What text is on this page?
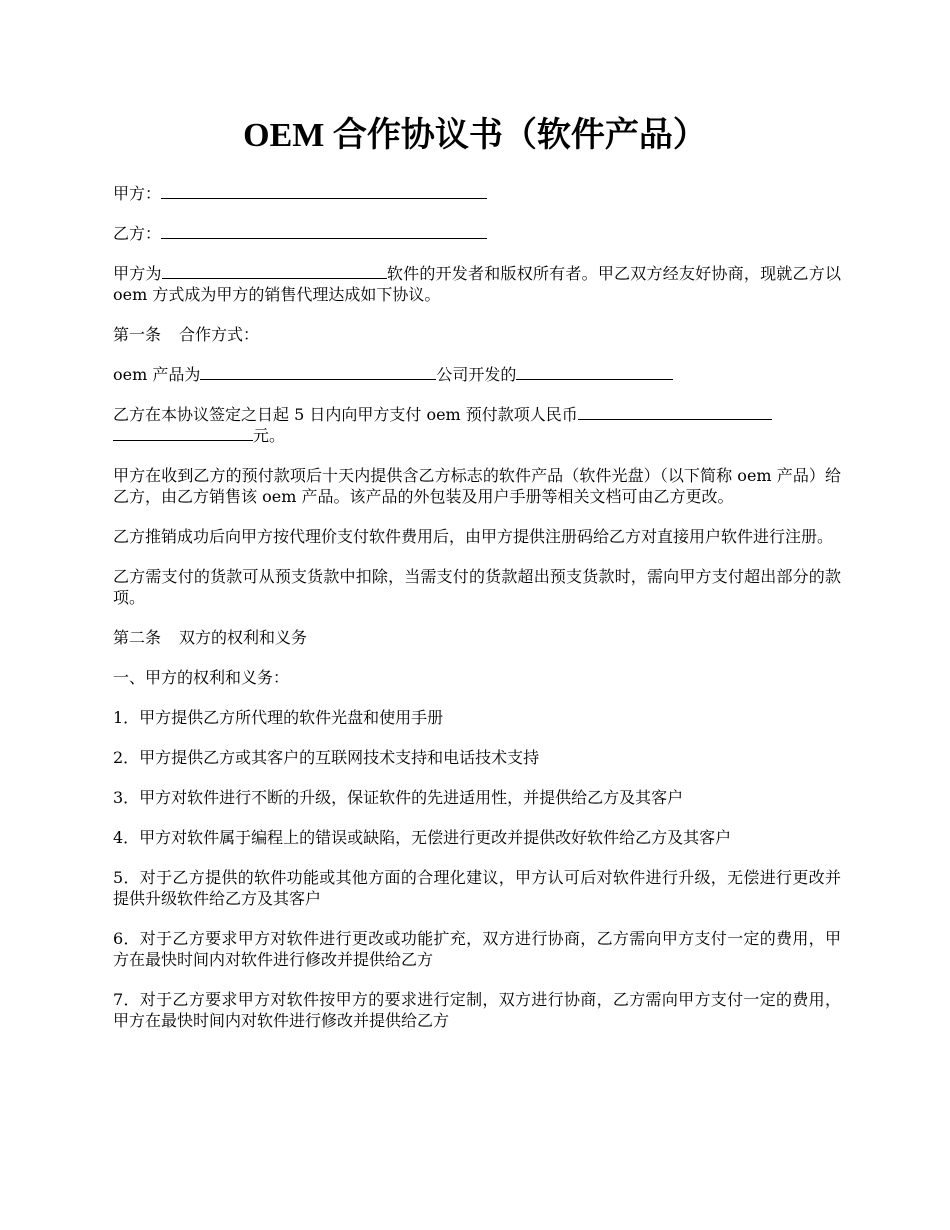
OEM 合作协议书（软件产品）

甲方：

乙方：

甲方为	软件的开发者和版权所有者。甲乙双方经友好协商，现就乙方以 oem 方式成为甲方的销售代理达成如下协议。

第一条 合作方式：

oem 产品为	公司开发的

乙方在本协议签定之日起 5 日内向甲方支付 oem 预付款项人民币
元。

甲方在收到乙方的预付款项后十天内提供含乙方标志的软件产品（软件光盘）（以下简称 oem 产品）给乙方，由乙方销售该 oem 产品。该产品的外包装及用户手册等相关文档可由乙方更改。

乙方推销成功后向甲方按代理价支付软件费用后，由甲方提供注册码给乙方对直接用户软件进行注册。

乙方需支付的货款可从预支货款中扣除，当需支付的货款超出预支货款时，需向甲方支付超出部分的款项。

第二条 双方的权利和义务

一、甲方的权利和义务：

1．甲方提供乙方所代理的软件光盘和使用手册

2．甲方提供乙方或其客户的互联网技术支持和电话技术支持

3．甲方对软件进行不断的升级，保证软件的先进适用性，并提供给乙方及其客户

4．甲方对软件属于编程上的错误或缺陷，无偿进行更改并提供改好软件给乙方及其客户

5．对于乙方提供的软件功能或其他方面的合理化建议，甲方认可后对软件进行升级，无偿进行更改并提供升级软件给乙方及其客户

6．对于乙方要求甲方对软件进行更改或功能扩充，双方进行协商，乙方需向甲方支付一定的费用，甲方在最快时间内对软件进行修改并提供给乙方

7．对于乙方要求甲方对软件按甲方的要求进行定制，双方进行协商，乙方需向甲方支付一定的费用，甲方在最快时间内对软件进行修改并提供给乙方
